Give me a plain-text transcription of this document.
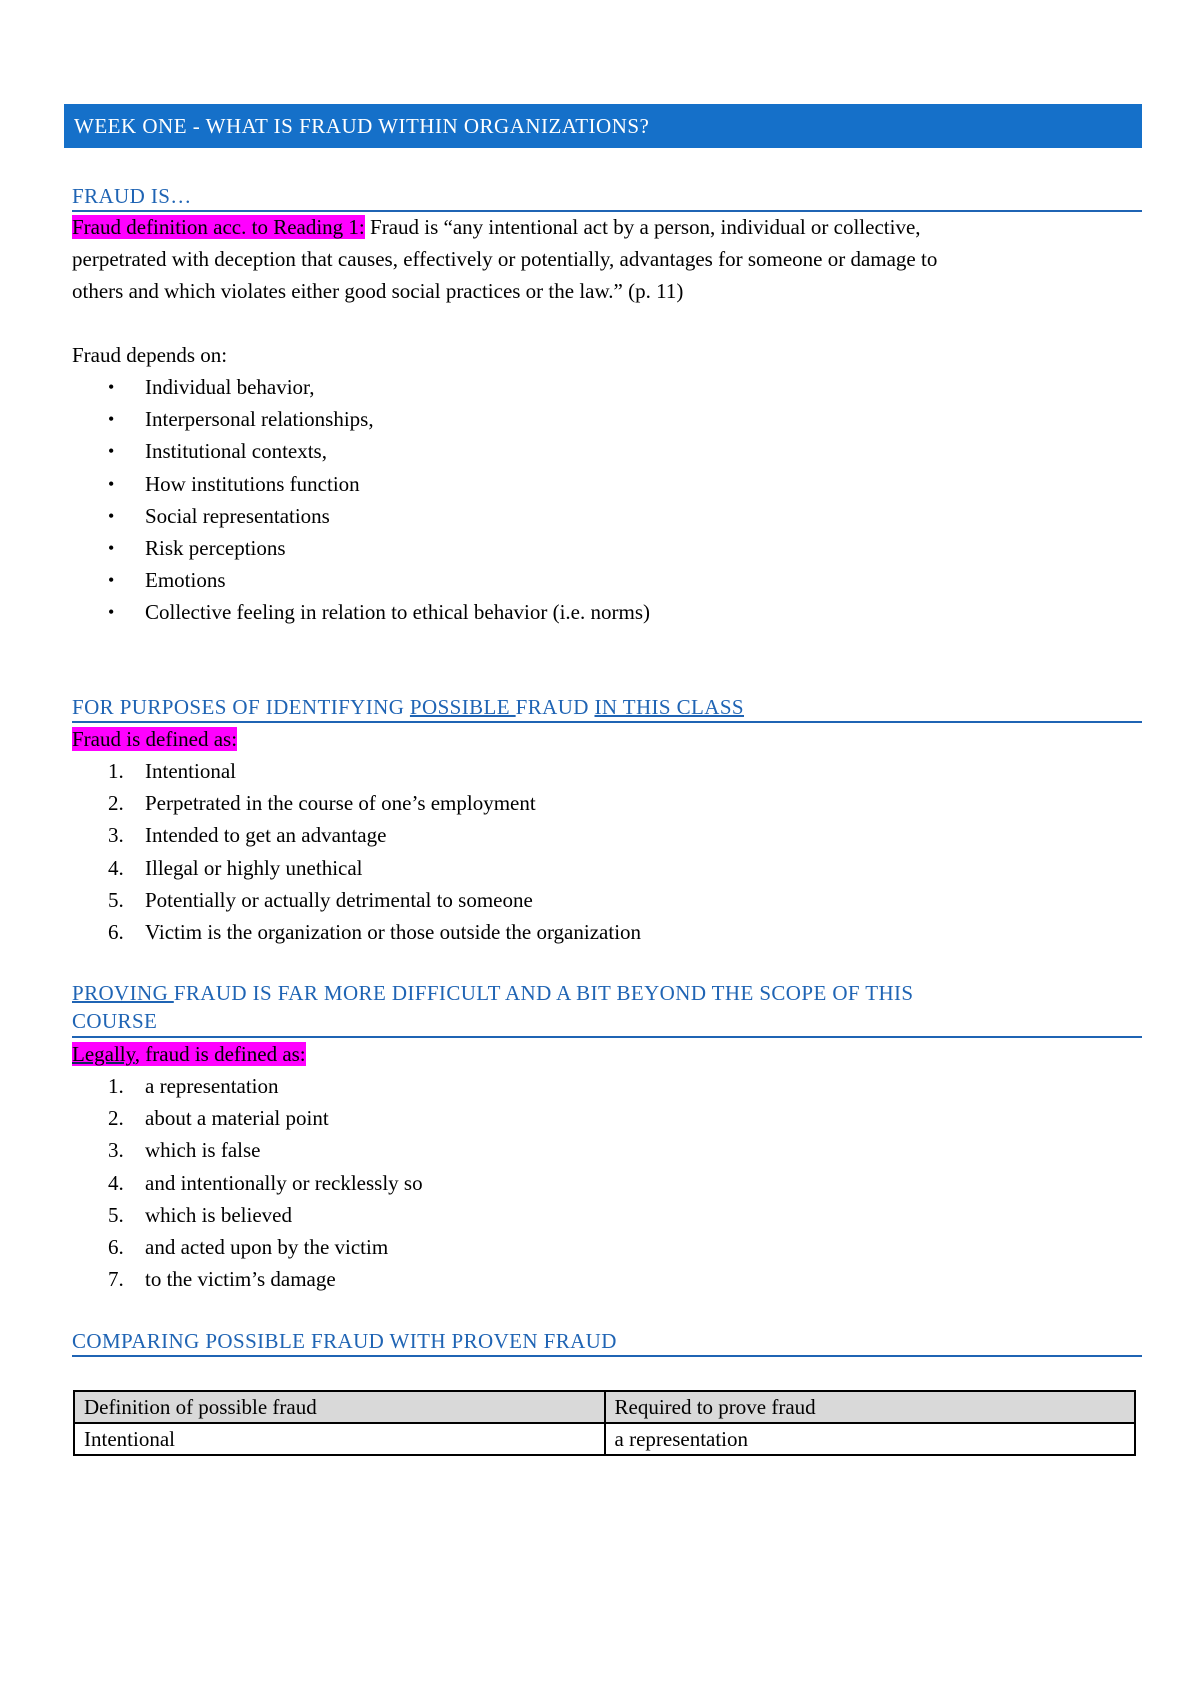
WEEK ONE - WHAT IS FRAUD WITHIN ORGANIZATIONS?
FRAUD IS…
Fraud definition acc. to Reading 1: Fraud is “any intentional act by a person, individual or collective,
perpetrated with deception that causes, effectively or potentially, advantages for someone or damage to
others and which violates either good social practices or the law.” (p. 11)
Fraud depends on:
•	Individual behavior,
•	Interpersonal relationships,
•	Institutional contexts,
•	How institutions function
•	Social representations
•	Risk perceptions
•	Emotions
•	Collective feeling in relation to ethical behavior (i.e. norms)
FOR PURPOSES OF IDENTIFYING POSSIBLE FRAUD IN THIS CLASS
Fraud is defined as:
1.	Intentional
2.	Perpetrated in the course of one’s employment
3.	Intended to get an advantage
4.	Illegal or highly unethical
5.	Potentially or actually detrimental to someone
6.	Victim is the organization or those outside the organization
PROVING FRAUD IS FAR MORE DIFFICULT AND A BIT BEYOND THE SCOPE OF THIS
COURSE
Legally, fraud is defined as:
1.	a representation
2.	about a material point
3.	which is false
4.	and intentionally or recklessly so
5.	which is believed
6.	and acted upon by the victim
7.	to the victim’s damage
COMPARING POSSIBLE FRAUD WITH PROVEN FRAUD
Definition of possible fraud	Required to prove fraud
Intentional	a representation
